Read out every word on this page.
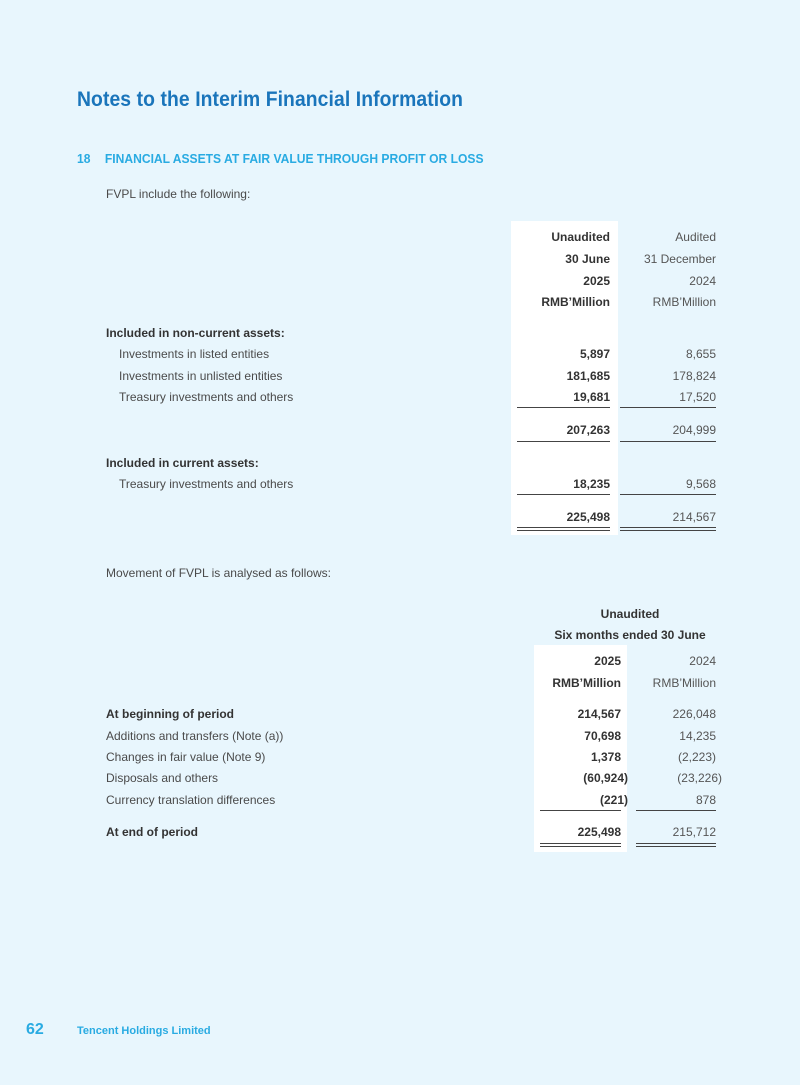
Notes to the Interim Financial Information
18 FINANCIAL ASSETS AT FAIR VALUE THROUGH PROFIT OR LOSS
FVPL include the following:
Unaudited	Audited
30 June	31 December
2025	2024
RMB’Million	RMB’Million
Included in non-current assets:
Investments in listed entities	5,897	8,655
Investments in unlisted entities	181,685	178,824
Treasury investments and others	19,681	17,520
207,263	204,999
Included in current assets:
Treasury investments and others	18,235	9,568
225,498	214,567
Movement of FVPL is analysed as follows:
Unaudited
Six months ended 30 June
2025	2024
RMB’Million	RMB’Million
At beginning of period	214,567	226,048
Additions and transfers (Note (a))	70,698	14,235
Changes in fair value (Note 9)	1,378	(2,223)
Disposals and others	(60,924)	(23,226)
Currency translation differences	(221)	878
At end of period	225,498	215,712
62	Tencent Holdings Limited
